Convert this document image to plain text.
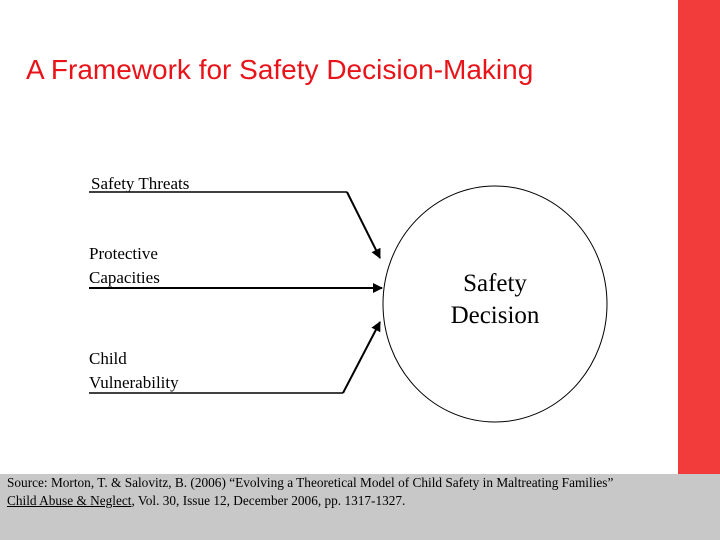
A Framework for Safety Decision-Making
Safety Threats
Protective
Capacities
Child
Vulnerability
Safety
Decision
Source: Morton, T. & Salovitz, B. (2006) “Evolving a Theoretical Model of Child Safety in Maltreating Families”
Child Abuse & Neglect, Vol. 30, Issue 12, December 2006, pp. 1317-1327.
